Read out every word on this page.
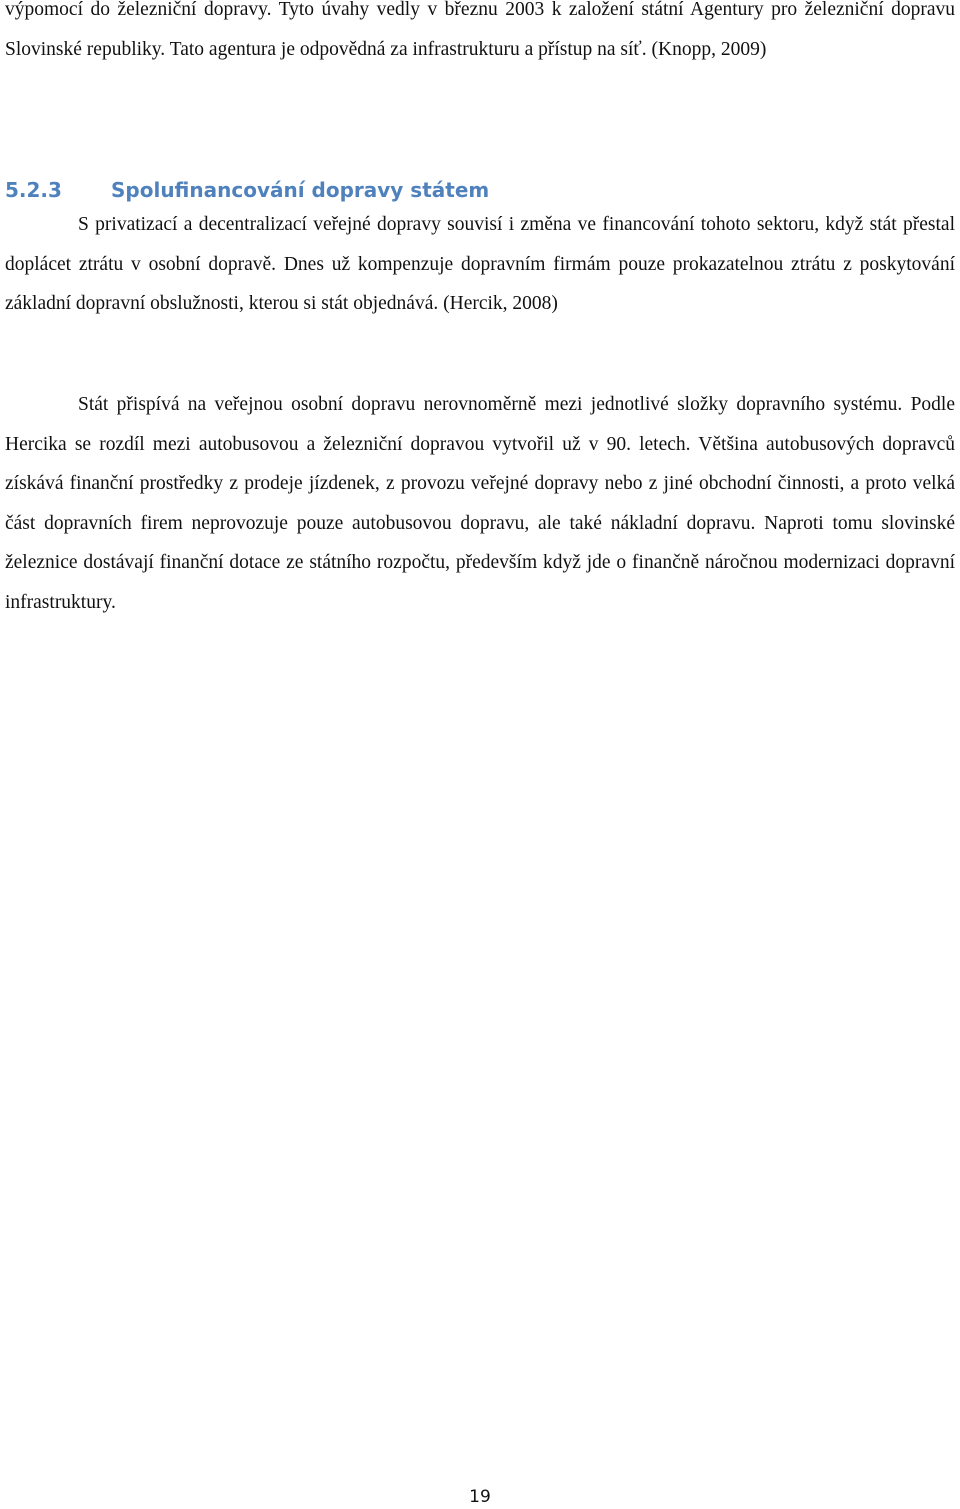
výpomocí do železniční dopravy. Tyto úvahy vedly v březnu 2003 k založení státní Agentury pro železniční dopravu Slovinské republiky. Tato agentura je odpovědná za infrastrukturu a přístup na síť. (Knopp, 2009)

5.2.3 Spolufinancování dopravy státem

S privatizací a decentralizací veřejné dopravy souvisí i změna ve financování tohoto sektoru, když stát přestal doplácet ztrátu v osobní dopravě. Dnes už kompenzuje dopravním firmám pouze prokazatelnou ztrátu z poskytování základní dopravní obslužnosti, kterou si stát objednává. (Hercik, 2008)

Stát přispívá na veřejnou osobní dopravu nerovnoměrně mezi jednotlivé složky dopravního systému. Podle Hercika se rozdíl mezi autobusovou a železniční dopravou vytvořil už v 90. letech. Většina autobusových dopravců získává finanční prostředky z prodeje jízdenek, z provozu veřejné dopravy nebo z jiné obchodní činnosti, a proto velká část dopravních firem neprovozuje pouze autobusovou dopravu, ale také nákladní dopravu. Naproti tomu slovinské železnice dostávají finanční dotace ze státního rozpočtu, především když jde o finančně náročnou modernizaci dopravní infrastruktury.

19
